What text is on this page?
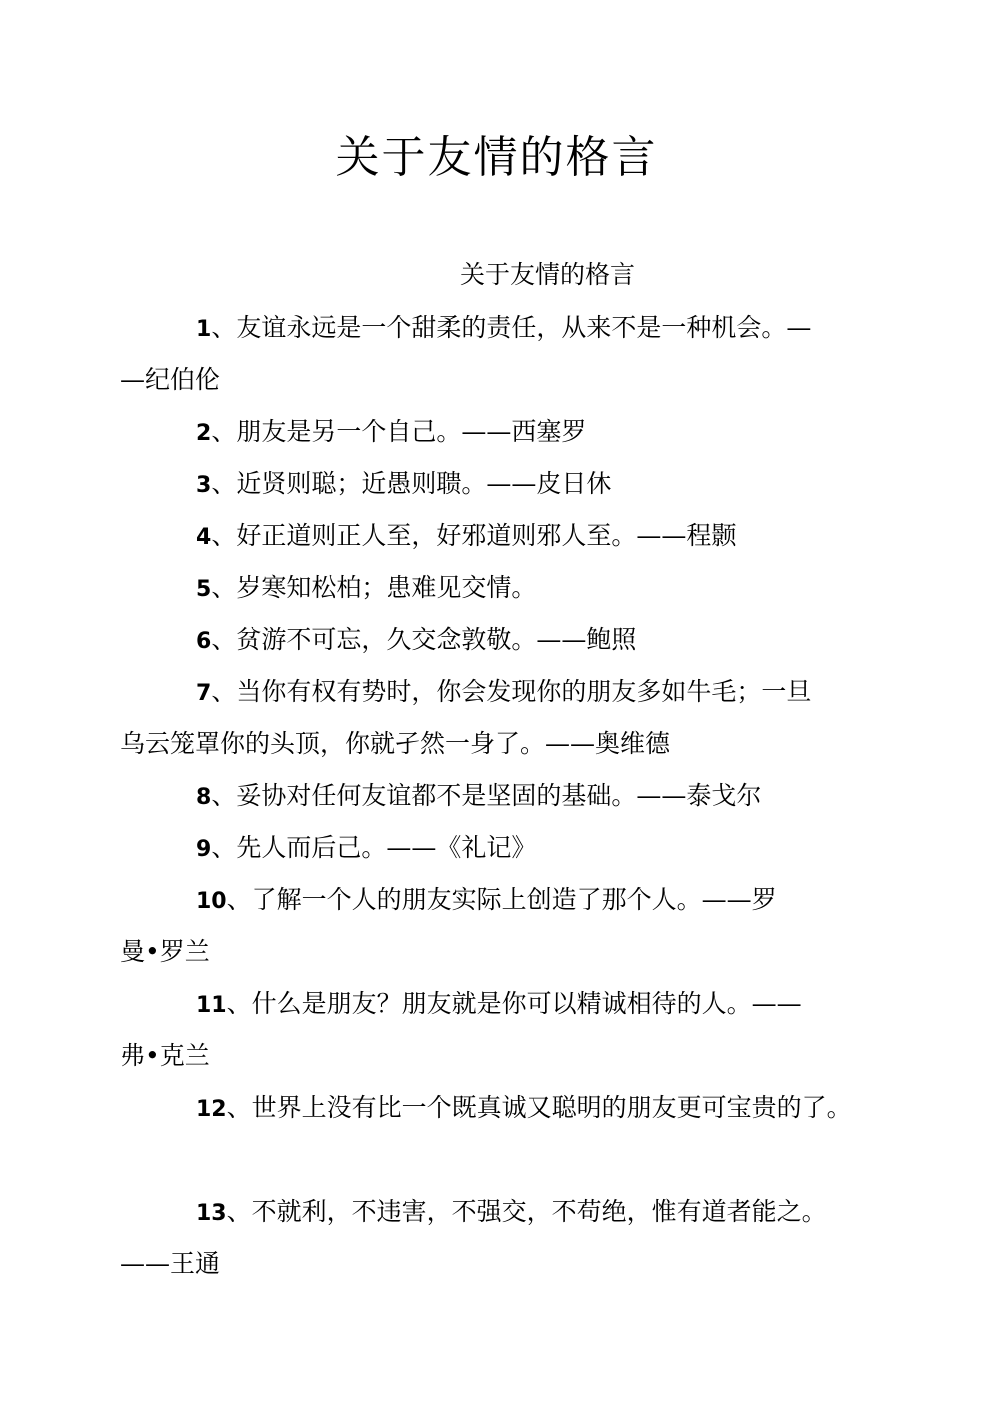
关于友情的格言
关于友情的格言
1、友谊永远是一个甜柔的责任，从来不是一种机会。—
—纪伯伦
2、朋友是另一个自己。——西塞罗
3、近贤则聪；近愚则聩。——皮日休
4、好正道则正人至，好邪道则邪人至。——程颢
5、岁寒知松柏；患难见交情。
6、贫游不可忘，久交念敦敬。——鲍照
7、当你有权有势时，你会发现你的朋友多如牛毛；一旦
乌云笼罩你的头顶，你就孑然一身了。——奥维德
8、妥协对任何友谊都不是坚固的基础。——泰戈尔
9、先人而后己。——《礼记》
10、了解一个人的朋友实际上创造了那个人。——罗
曼•罗兰
11、什么是朋友？朋友就是你可以精诚相待的人。——
弗•克兰
12、世界上没有比一个既真诚又聪明的朋友更可宝贵的了。
13、不就利，不违害，不强交，不苟绝，惟有道者能之。
——王通
